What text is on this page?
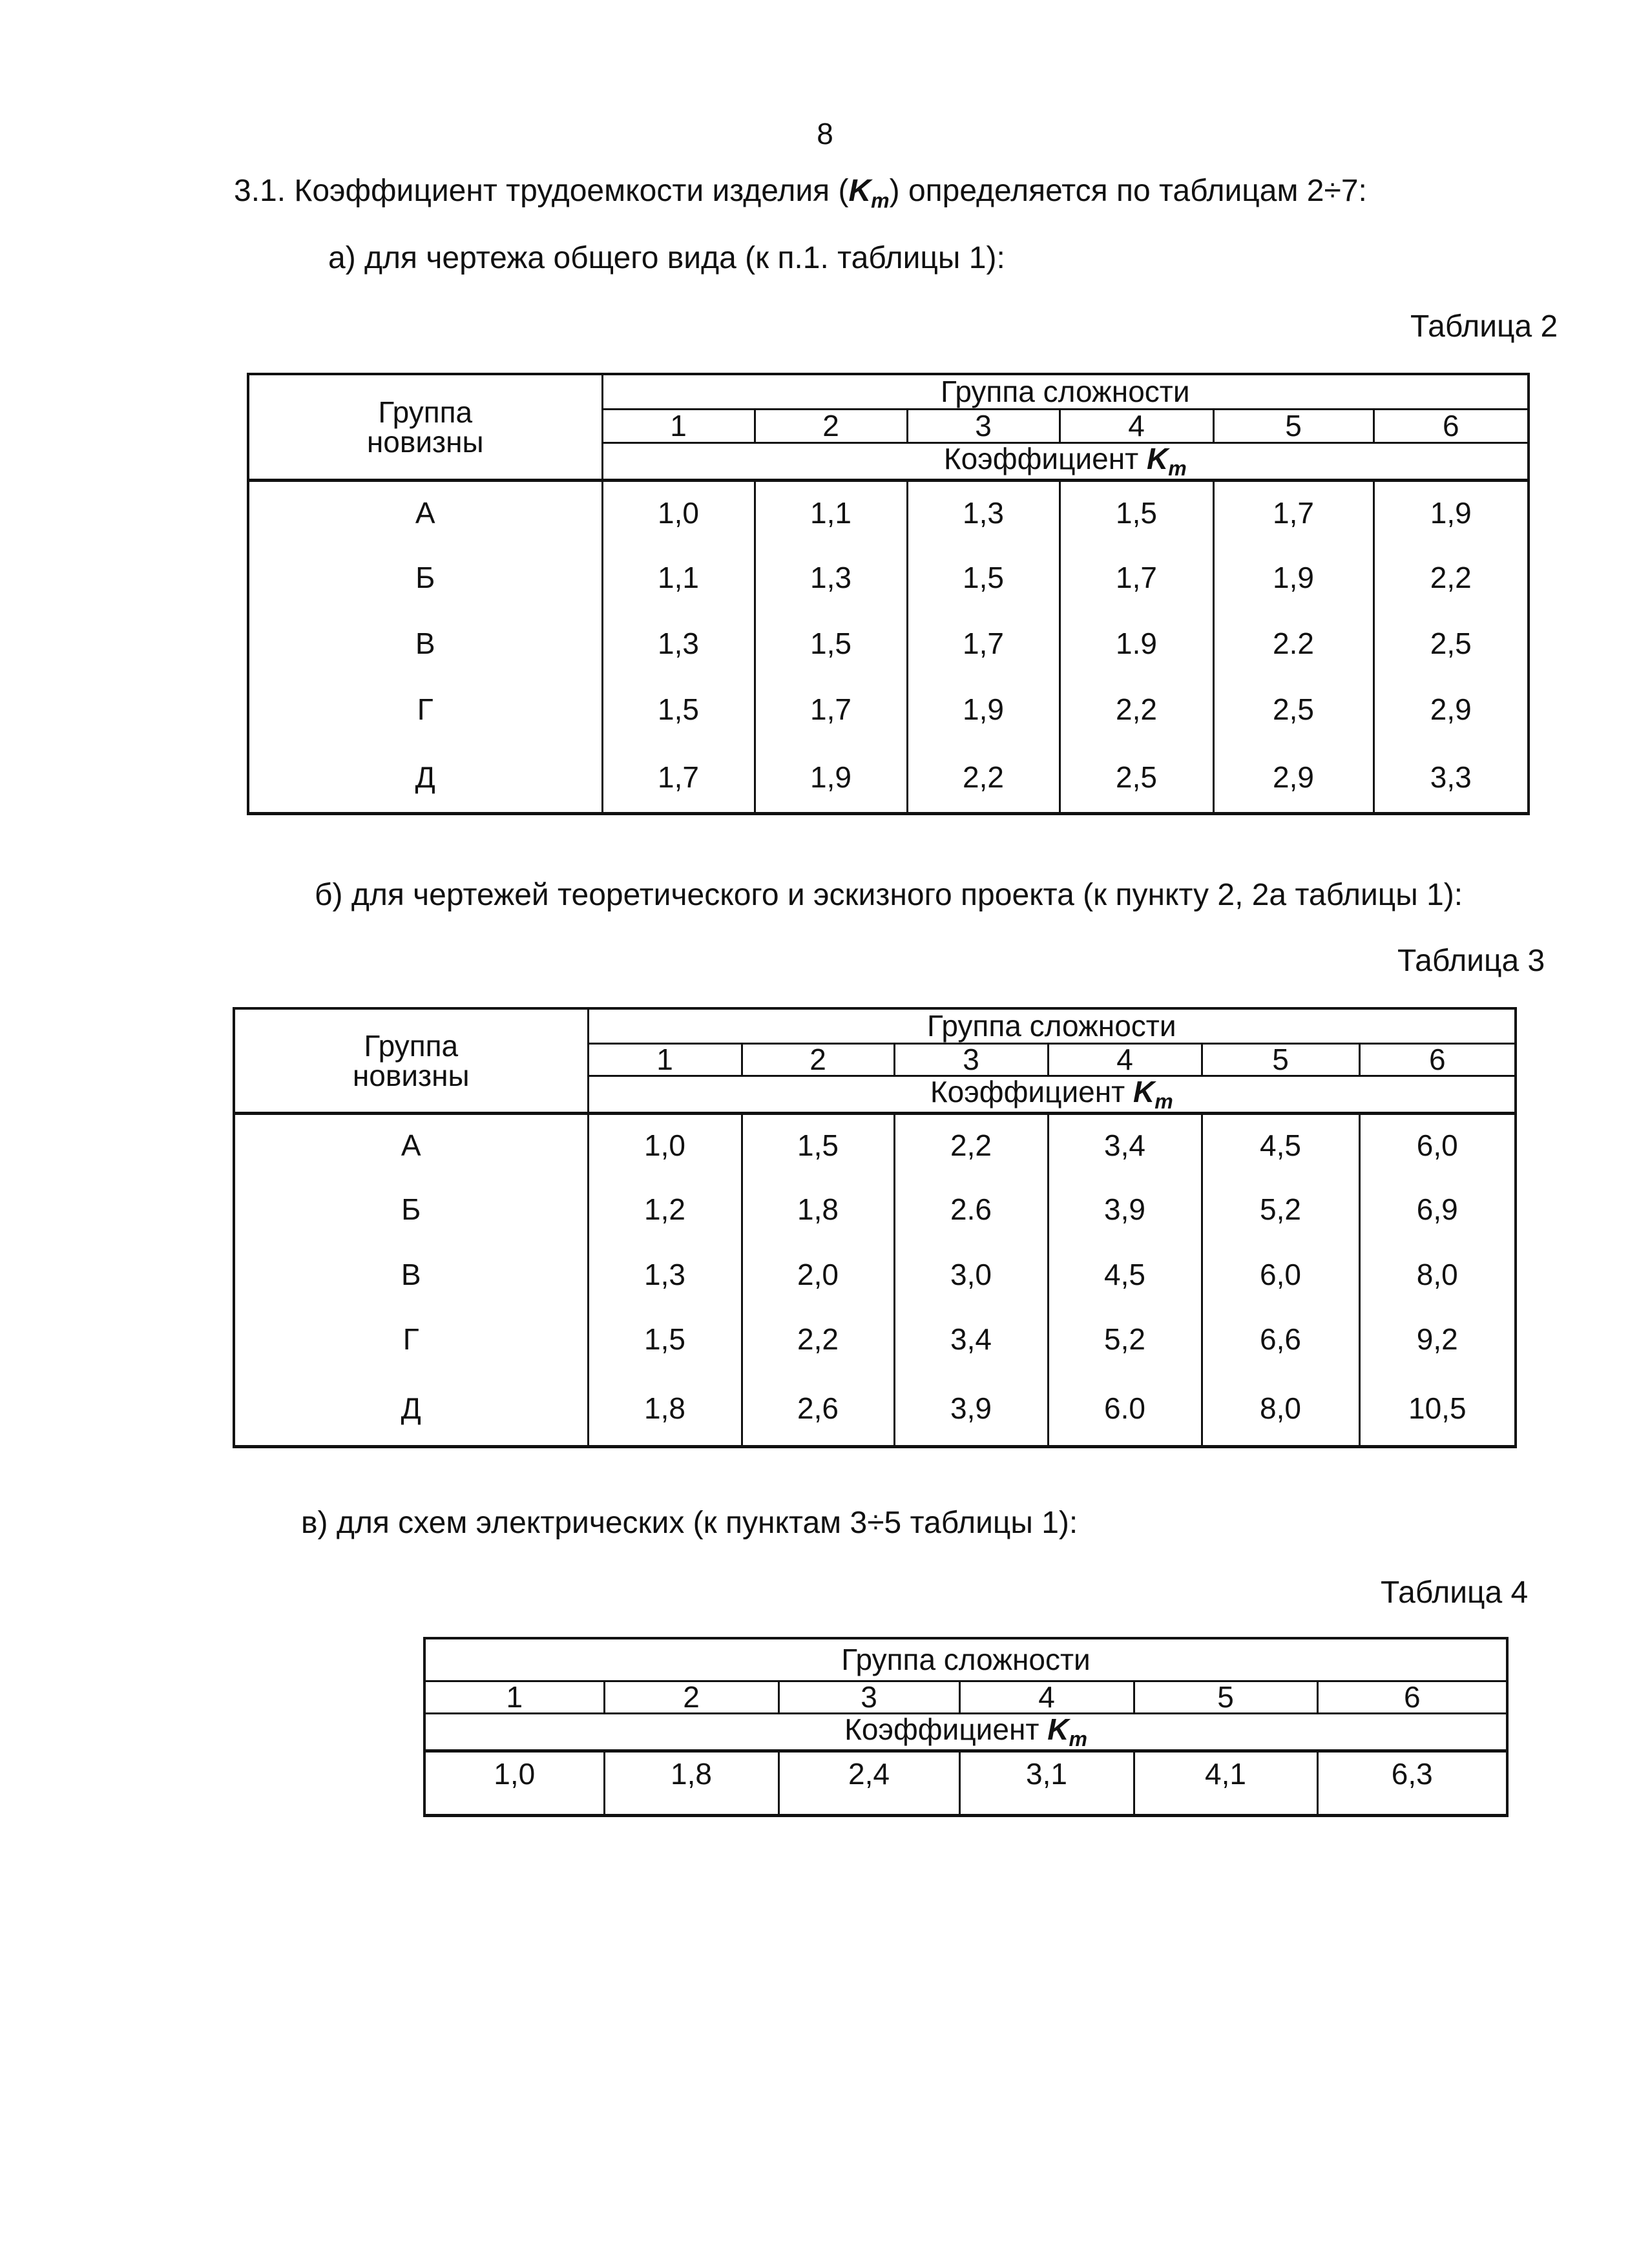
8
3.1. Коэффициент трудоемкости изделия $(K_т)$ определяется по таблицам 2÷7:
а) для чертежа общего вида (к п.1. таблицы 1):
Таблица 2
Группа
новизны	Группа сложности					
	1	2	3	4	5	6
	Коэффициент $K_т$
А	1,0	1,1	1,3	1,5	1,7	1,9
Б	1,1	1,3	1,5	1,7	1,9	2,2
В	1,3	1,5	1,7	1.9	2.2	2,5
Г	1,5	1,7	1,9	2,2	2,5	2,9
Д	1,7	1,9	2,2	2,5	2,9	3,3
б) для чертежей теоретического и эскизного проекта (к пункту 2, 2а таблицы 1):
Таблица 3
Группа
новизны	Группа сложности					
	1	2	3	4	5	6
	Коэффициент $K_т$
А	1,0	1,5	2,2	3,4	4,5	6,0
Б	1,2	1,8	2.6	3,9	5,2	6,9
В	1,3	2,0	3,0	4,5	6,0	8,0
Г	1,5	2,2	3,4	5,2	6,6	9,2
Д	1,8	2,6	3,9	6.0	8,0	10,5
в) для схем электрических (к пунктам 3÷5 таблицы 1):
Таблица 4
Группа сложности					
1	2	3	4	5	6
Коэффициент $K_т$
1,0	1,8	2,4	3,1	4,1	6,3
